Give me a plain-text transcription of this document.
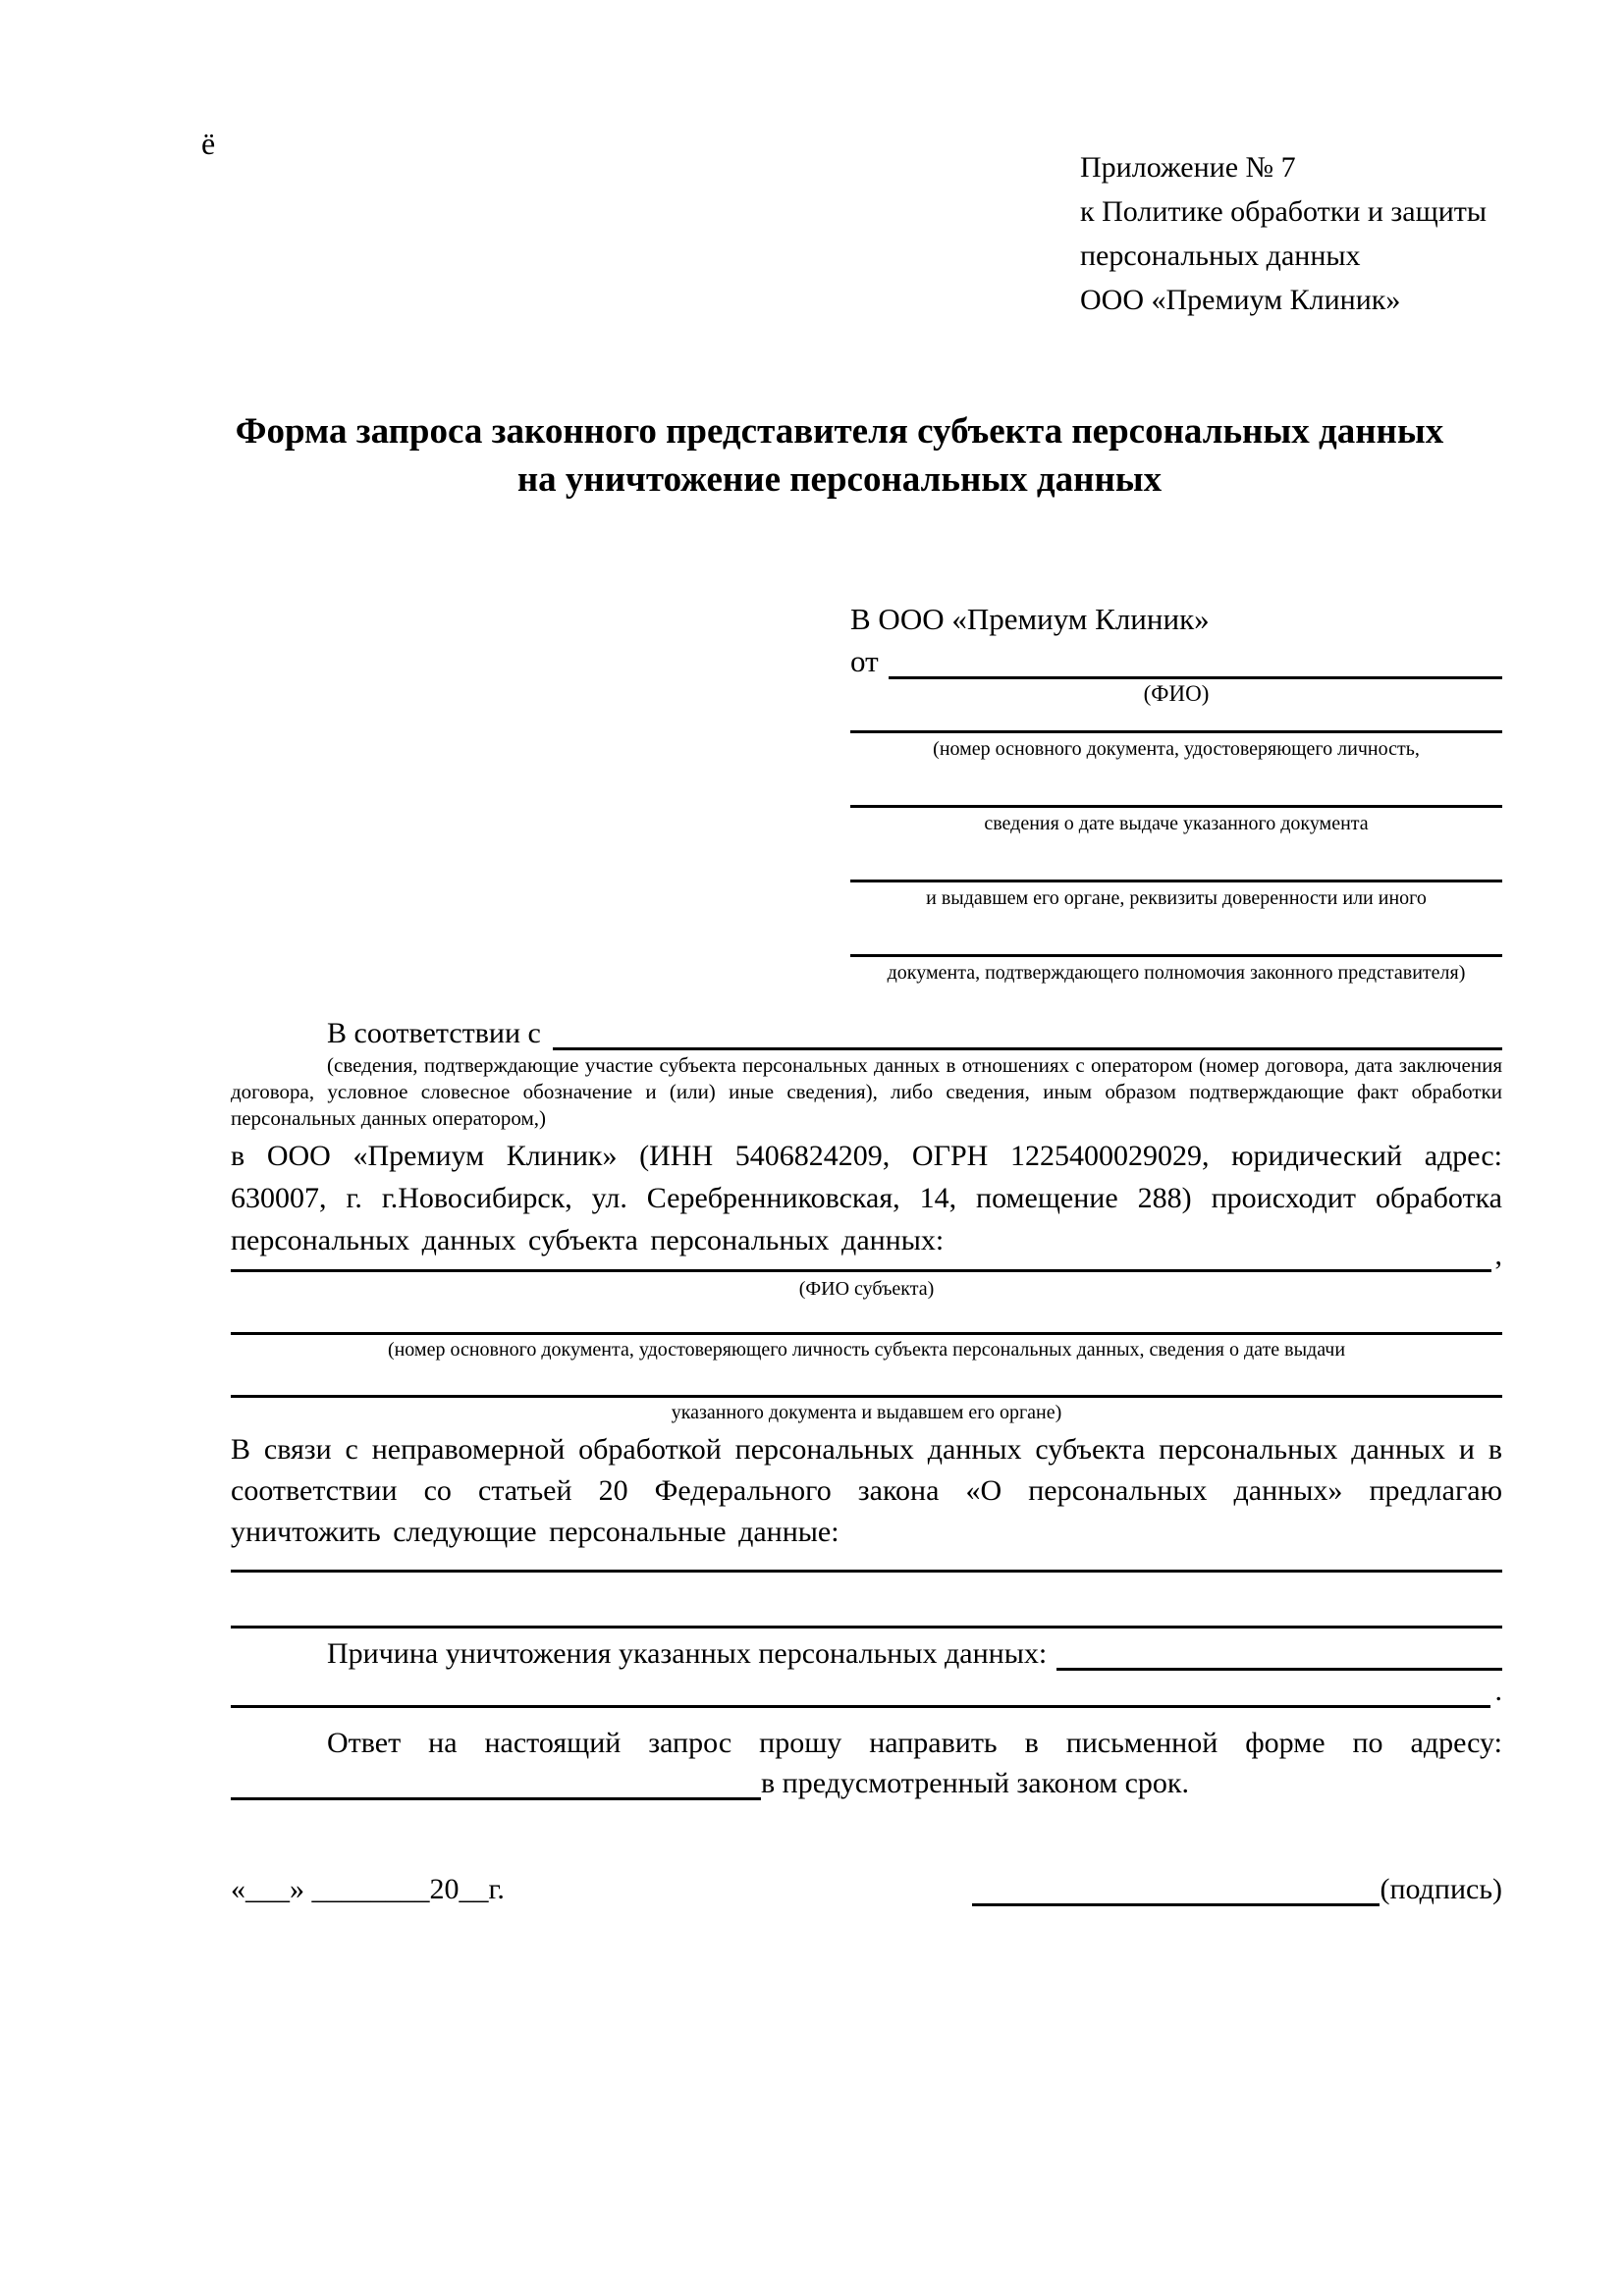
ё
Приложение № 7
к Политике обработки и защиты
персональных данных
ООО «Премиум Клиник»
Форма запроса законного представителя субъекта персональных данных
на уничтожение персональных данных
В ООО «Премиум Клиник»
от
(ФИО)
(номер основного документа, удостоверяющего личность,
сведения о дате выдаче указанного документа
и выдавшем его органе, реквизиты доверенности или иного
документа, подтверждающего полномочия законного представителя)
В соответствии с
(сведения, подтверждающие участие субъекта персональных данных в отношениях с оператором (номер договора, дата заключения договора, условное словесное обозначение и (или) иные сведения), либо сведения, иным образом подтверждающие факт обработки персональных данных оператором,)
в ООО «Премиум Клиник» (ИНН 5406824209, ОГРН 1225400029029, юридический адрес: 630007, г. г.Новосибирск, ул. Серебренниковская, 14, помещение 288) происходит обработка персональных данных субъекта персональных данных:	,
(ФИО субъекта)
(номер основного документа, удостоверяющего личность субъекта персональных данных, сведения о дате выдачи
указанного документа и выдавшем его органе)
В связи с неправомерной обработкой персональных данных субъекта персональных данных и в соответствии со статьей 20 Федерального закона «О персональных данных» предлагаю уничтожить следующие персональные данные:
Причина уничтожения указанных персональных данных:
.
Ответ на настоящий запрос прошу направить в письменной форме по адресу:
в предусмотренный законом срок.
«___» ________20__г.	(подпись)
